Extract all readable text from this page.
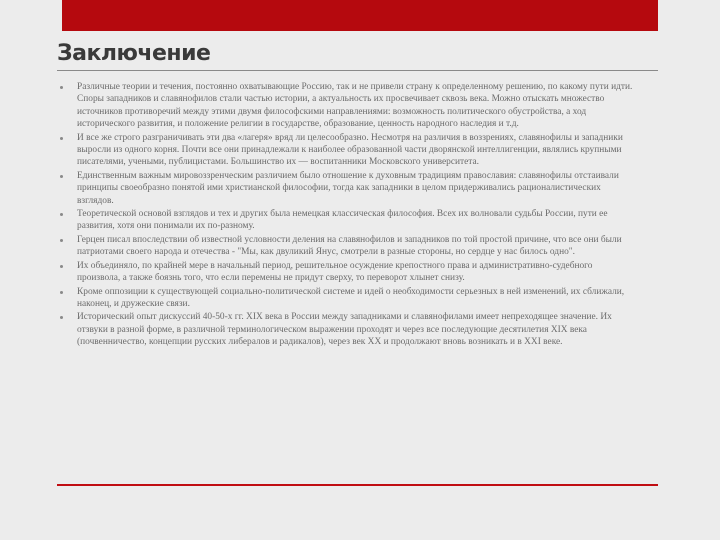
Заключение
Различные теории и течения, постоянно охватывающие Россию, так и не привели страну к определенному решению, по какому пути идти. Споры западников и славянофилов стали частью истории, а актуальность их просвечивает сквозь века. Можно отыскать множество источников противоречий между этими двумя философскими направлениями: возможность политического обустройства, а ход исторического развития, и положение религии в государстве, образование, ценность народного наследия и т.д.
И все же строго разграничивать эти два «лагеря» вряд ли целесообразно. Несмотря на различия в воззрениях, славянофилы и западники выросли из одного корня. Почти все они принадлежали к наиболее образованной части дворянской интеллигенции, являлись крупными писателями, учеными, публицистами. Большинство их — воспитанники Московского университета.
Единственным важным мировоззренческим различием было отношение к духовным традициям православия: славянофилы отстаивали принципы своеобразно понятой ими христианской философии, тогда как западники в целом придерживались рационалистических взглядов.
Теоретической основой взглядов и тех и других была немецкая классическая философия. Всех их волновали судьбы России, пути ее развития, хотя они понимали их по-разному.
Герцен писал впоследствии об известной условности деления на славянофилов и западников по той простой причине, что все они были патриотами своего народа и отечества - "Мы, как двуликий Янус, смотрели в разные стороны, но сердце у нас билось одно".
Их объединяло, по крайней мере в начальный период, решительное осуждение крепостного права и административно-судебного произвола, а также боязнь того, что если перемены не придут сверху, то переворот хлынет снизу.
Кроме оппозиции к существующей социально-политической системе и идей о необходимости серьезных в ней изменений, их сближали, наконец, и дружеские связи.
Исторический опыт дискуссий 40-50-х гг. XIX века в России между западниками и славянофилами имеет непреходящее значение. Их отзвуки в разной форме, в различной терминологическом выражении проходят и через все последующие десятилетия XIX века (почвенничество, концепции русских либералов и радикалов), через век XX и продолжают вновь возникать и в XXI веке.
